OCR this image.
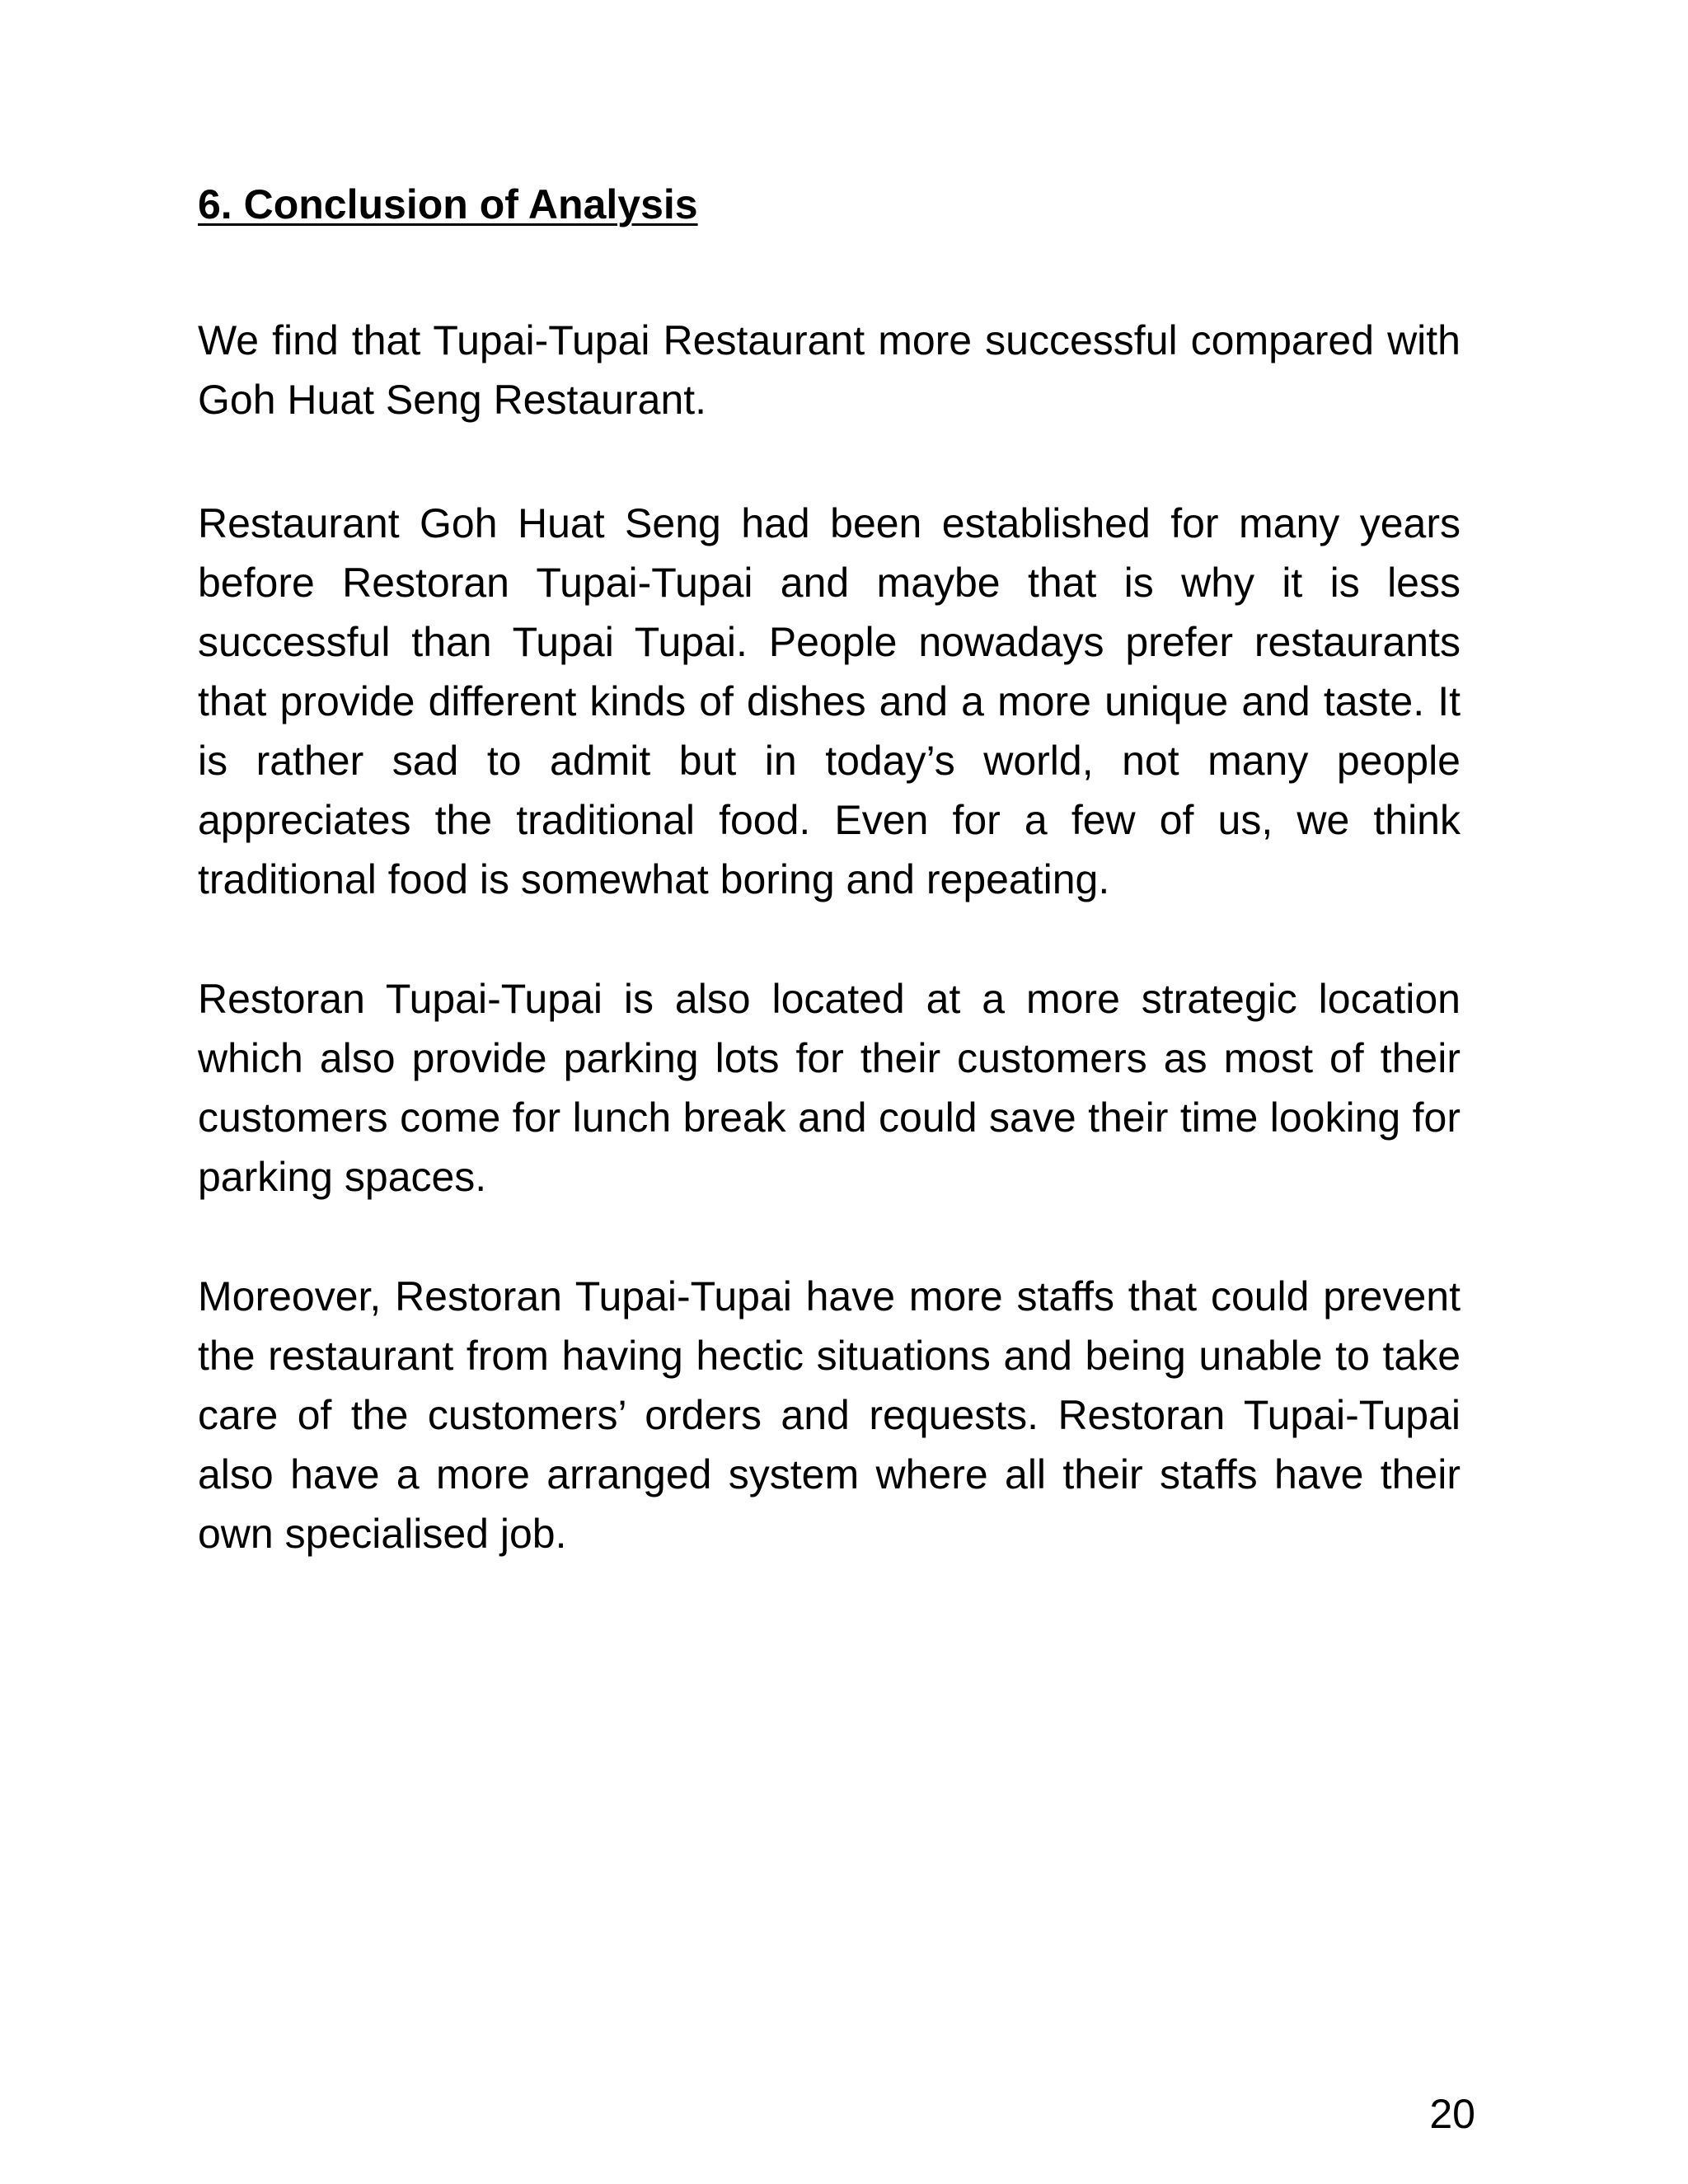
6. Conclusion of Analysis

We find that Tupai-Tupai Restaurant more successful compared with Goh Huat Seng Restaurant.

Restaurant Goh Huat Seng had been established for many years before Restoran Tupai-Tupai and maybe that is why it is less successful than Tupai Tupai. People nowadays prefer restaurants that provide different kinds of dishes and a more unique and taste. It is rather sad to admit but in today’s world, not many people appreciates the traditional food. Even for a few of us, we think traditional food is somewhat boring and repeating.

Restoran Tupai-Tupai is also located at a more strategic location which also provide parking lots for their customers as most of their customers come for lunch break and could save their time looking for parking spaces.

Moreover, Restoran Tupai-Tupai have more staffs that could prevent the restaurant from having hectic situations and being unable to take care of the customers’ orders and requests. Restoran Tupai-Tupai also have a more arranged system where all their staffs have their own specialised job.

20
